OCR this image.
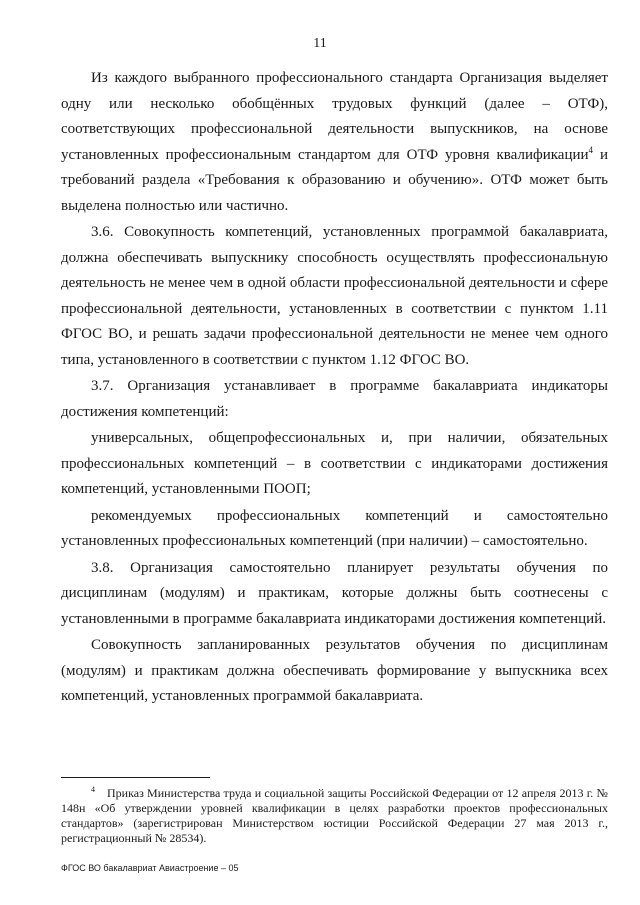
11

Из каждого выбранного профессионального стандарта Организация выделяет одну или несколько обобщённых трудовых функций (далее – ОТФ), соответствующих профессиональной деятельности выпускников, на основе установленных профессиональным стандартом для ОТФ уровня квалификации$^4$ и требований раздела «Требования к образованию и обучению». ОТФ может быть выделена полностью или частично.

3.6. Совокупность компетенций, установленных программой бакалавриата, должна обеспечивать выпускнику способность осуществлять профессиональную деятельность не менее чем в одной области профессиональной деятельности и сфере профессиональной деятельности, установленных в соответствии с пунктом 1.11 ФГОС ВО, и решать задачи профессиональной деятельности не менее чем одного типа, установленного в соответствии с пунктом 1.12 ФГОС ВО.

3.7. Организация устанавливает в программе бакалавриата индикаторы достижения компетенций:

универсальных, общепрофессиональных и, при наличии, обязательных профессиональных компетенций – в соответствии с индикаторами достижения компетенций, установленными ПООП;

рекомендуемых профессиональных компетенций и самостоятельно установленных профессиональных компетенций (при наличии) – самостоятельно.

3.8. Организация самостоятельно планирует результаты обучения по дисциплинам (модулям) и практикам, которые должны быть соотнесены с установленными в программе бакалавриата индикаторами достижения компетенций.

Совокупность запланированных результатов обучения по дисциплинам (модулям) и практикам должна обеспечивать формирование у выпускника всех компетенций, установленных программой бакалавриата.

$^4$ Приказ Министерства труда и социальной защиты Российской Федерации от 12 апреля 2013 г. № 148н «Об утверждении уровней квалификации в целях разработки проектов профессиональных стандартов» (зарегистрирован Министерством юстиции Российской Федерации 27 мая 2013 г., регистрационный № 28534).

ФГОС ВО бакалавриат Авиастроение – 05
